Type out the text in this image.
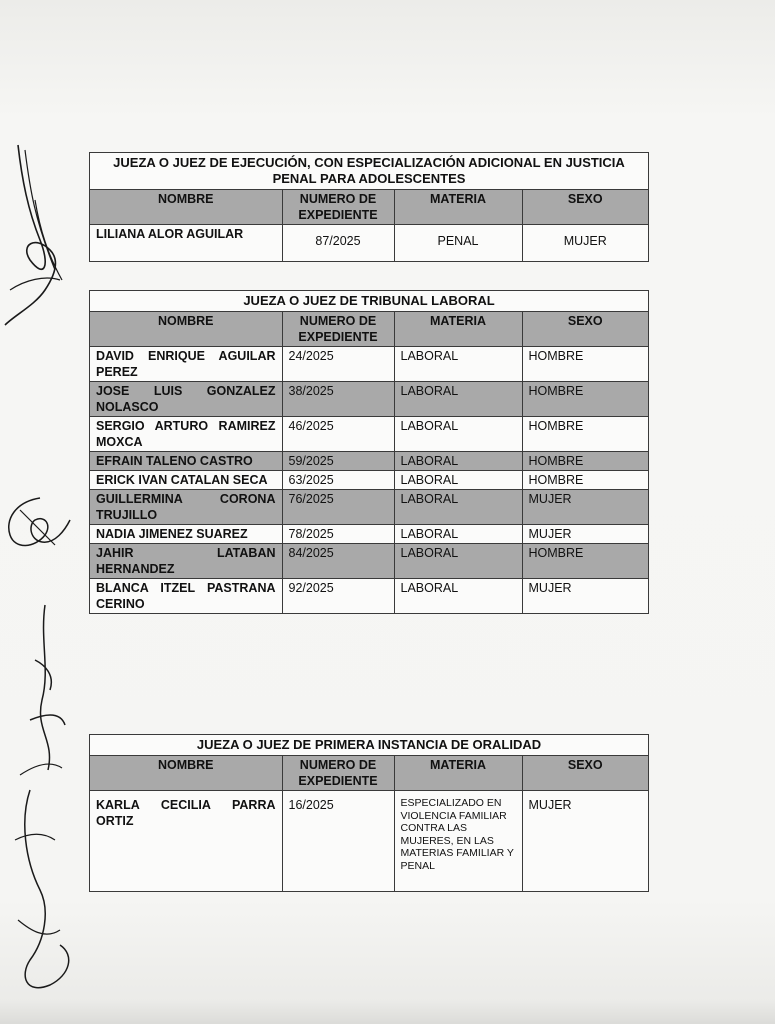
JUEZA O JUEZ DE EJECUCIÓN, CON ESPECIALIZACIÓN ADICIONAL EN JUSTICIA PENAL PARA ADOLESCENTES
NOMBRE	NUMERO DE EXPEDIENTE	MATERIA	SEXO
LILIANA ALOR AGUILAR	87/2025	PENAL	MUJER
JUEZA O JUEZ DE TRIBUNAL LABORAL
NOMBRE	NUMERO DE EXPEDIENTE	MATERIA	SEXO
DAVID ENRIQUE AGUILAR PEREZ	24/2025	LABORAL	HOMBRE
JOSE LUIS GONZALEZ NOLASCO	38/2025	LABORAL	HOMBRE
SERGIO ARTURO RAMIREZ MOXCA	46/2025	LABORAL	HOMBRE
EFRAIN TALENO CASTRO	59/2025	LABORAL	HOMBRE
ERICK IVAN CATALAN SECA	63/2025	LABORAL	HOMBRE
GUILLERMINA CORONA TRUJILLO	76/2025	LABORAL	MUJER
NADIA JIMENEZ SUAREZ	78/2025	LABORAL	MUJER
JAHIR LATABAN HERNANDEZ	84/2025	LABORAL	HOMBRE
BLANCA ITZEL PASTRANA CERINO	92/2025	LABORAL	MUJER
JUEZA O JUEZ DE PRIMERA INSTANCIA DE ORALIDAD
NOMBRE	NUMERO DE EXPEDIENTE	MATERIA	SEXO
KARLA CECILIA PARRA ORTIZ	16/2025	ESPECIALIZADO EN VIOLENCIA FAMILIAR CONTRA LAS MUJERES, EN LAS MATERIAS FAMILIAR Y PENAL	MUJER
